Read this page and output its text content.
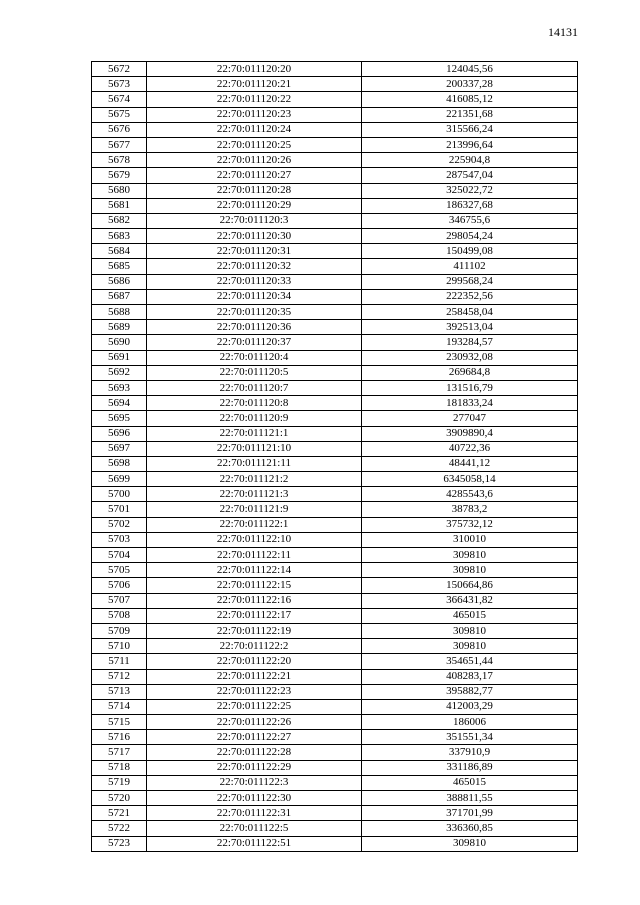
14131
5672	22:70:011120:20	124045,56
5673	22:70:011120:21	200337,28
5674	22:70:011120:22	416085,12
5675	22:70:011120:23	221351,68
5676	22:70:011120:24	315566,24
5677	22:70:011120:25	213996,64
5678	22:70:011120:26	225904,8
5679	22:70:011120:27	287547,04
5680	22:70:011120:28	325022,72
5681	22:70:011120:29	186327,68
5682	22:70:011120:3	346755,6
5683	22:70:011120:30	298054,24
5684	22:70:011120:31	150499,08
5685	22:70:011120:32	411102
5686	22:70:011120:33	299568,24
5687	22:70:011120:34	222352,56
5688	22:70:011120:35	258458,04
5689	22:70:011120:36	392513,04
5690	22:70:011120:37	193284,57
5691	22:70:011120:4	230932,08
5692	22:70:011120:5	269684,8
5693	22:70:011120:7	131516,79
5694	22:70:011120:8	181833,24
5695	22:70:011120:9	277047
5696	22:70:011121:1	3909890,4
5697	22:70:011121:10	40722,36
5698	22:70:011121:11	48441,12
5699	22:70:011121:2	6345058,14
5700	22:70:011121:3	4285543,6
5701	22:70:011121:9	38783,2
5702	22:70:011122:1	375732,12
5703	22:70:011122:10	310010
5704	22:70:011122:11	309810
5705	22:70:011122:14	309810
5706	22:70:011122:15	150664,86
5707	22:70:011122:16	366431,82
5708	22:70:011122:17	465015
5709	22:70:011122:19	309810
5710	22:70:011122:2	309810
5711	22:70:011122:20	354651,44
5712	22:70:011122:21	408283,17
5713	22:70:011122:23	395882,77
5714	22:70:011122:25	412003,29
5715	22:70:011122:26	186006
5716	22:70:011122:27	351551,34
5717	22:70:011122:28	337910,9
5718	22:70:011122:29	331186,89
5719	22:70:011122:3	465015
5720	22:70:011122:30	388811,55
5721	22:70:011122:31	371701,99
5722	22:70:011122:5	336360,85
5723	22:70:011122:51	309810
